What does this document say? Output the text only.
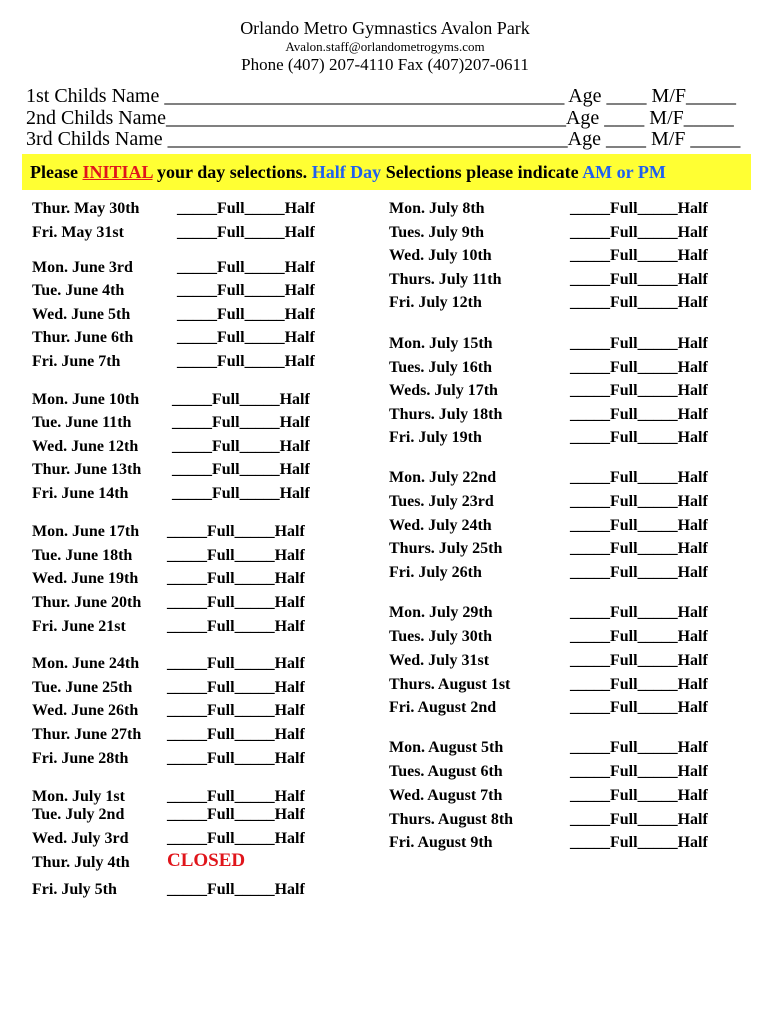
Orlando Metro Gymnastics Avalon Park
Avalon.staff@orlandometrogyms.com
Phone (407) 207-4110 Fax (407)207-0611
1st Childs Name ________________________________________ Age ____ M/F_____
2nd Childs Name________________________________________Age ____ M/F_____
3rd Childs Name ________________________________________Age ____ M/F _____
Please INITIAL your day selections. Half Day Selections please indicate AM or PM
Thur. May 30th _____Full_____Half
Fri. May 31st	_____Full_____Half
Mon. June 3rd	_____Full_____Half
Tue. June 4th	_____Full_____Half
Wed. June 5th	_____Full_____Half
Thur. June 6th	_____Full_____Half
Fri. June 7th	_____Full_____Half
Mon. June 10th _____Full_____Half
Tue. June 11th	_____Full_____Half
Wed. June 12th _____Full_____Half
Thur. June 13th _____Full_____Half
Fri. June 14th	_____Full_____Half
Mon. June 17th _____Full_____Half
Tue. June 18th _____Full_____Half
Wed. June 19th _____Full_____Half
Thur. June 20th _____Full_____Half
Fri. June 21st	_____Full_____Half
Mon. June 24th _____Full_____Half
Tue. June 25th _____Full_____Half
Wed. June 26th _____Full_____Half
Thur. June 27th _____Full_____Half
Fri. June 28th _____Full_____Half
Mon. July 1st	_____Full_____Half
Tue. July 2nd	_____Full_____Half
Wed. July 3rd _____Full_____Half
Thur. July 4th CLOSED
Fri. July 5th	_____Full_____Half
Mon. July 8th	_____Full_____Half
Tues. July 9th	_____Full_____Half
Wed. July 10th	_____Full_____Half
Thurs. July 11th	_____Full_____Half
Fri. July 12th	_____Full_____Half
Mon. July 15th	_____Full_____Half
Tues. July 16th	_____Full_____Half
Weds. July 17th	_____Full_____Half
Thurs. July 18th	_____Full_____Half
Fri. July 19th	_____Full_____Half
Mon. July 22nd	_____Full_____Half
Tues. July 23rd	_____Full_____Half
Wed. July 24th	_____Full_____Half
Thurs. July 25th	_____Full_____Half
Fri. July 26th	_____Full_____Half
Mon. July 29th	_____Full_____Half
Tues. July 30th	_____Full_____Half
Wed. July 31st	_____Full_____Half
Thurs. August 1st	_____Full_____Half
Fri. August 2nd	_____Full_____Half
Mon. August 5th	_____Full_____Half
Tues. August 6th	_____Full_____Half
Wed. August 7th	_____Full_____Half
Thurs. August 8th	_____Full_____Half
Fri. August 9th	_____Full_____Half
